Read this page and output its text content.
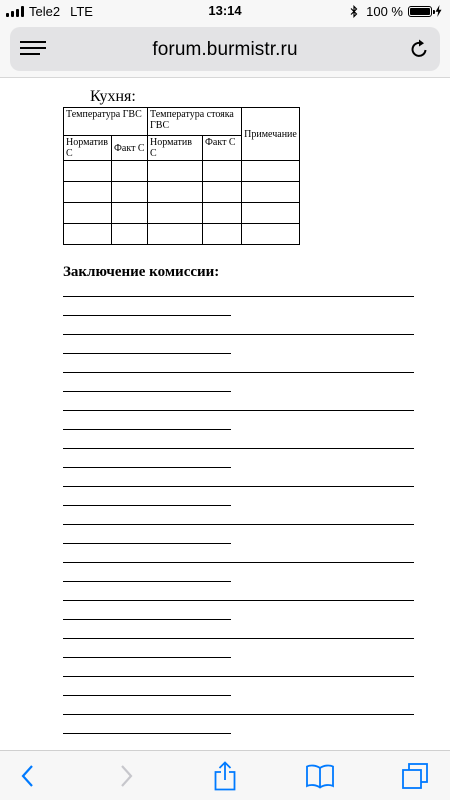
Tele2 LTE	13:14	100 %
forum.burmistr.ru
Кухня:
Температура ГВС		Температура стояка ГВС		Примечание
Норматив С	Факт С	Норматив С	Факт С	

Заключение комиссии:
